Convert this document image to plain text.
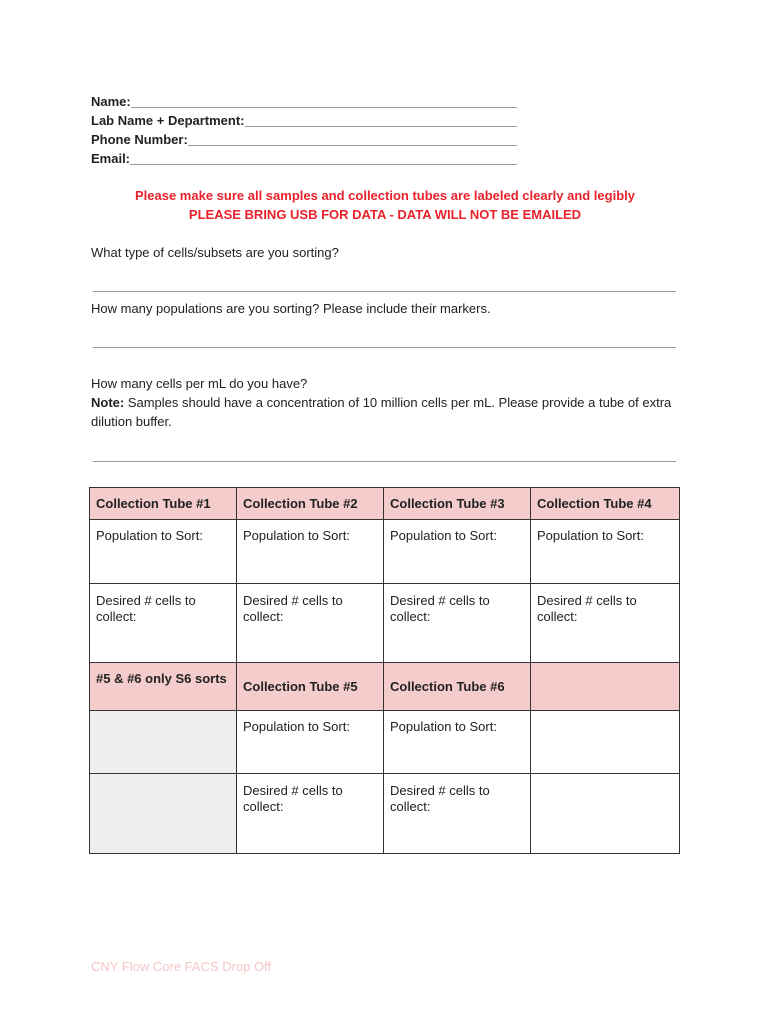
Name:
Lab Name + Department:
Phone Number:
Email:
Please make sure all samples and collection tubes are labeled clearly and legibly
PLEASE BRING USB FOR DATA - DATA WILL NOT BE EMAILED
What type of cells/subsets are you sorting?
How many populations are you sorting? Please include their markers.
How many cells per mL do you have?
Note: Samples should have a concentration of 10 million cells per mL. Please provide a tube of extra dilution buffer.
Collection Tube #1	Collection Tube #2	Collection Tube #3	Collection Tube #4
Population to Sort:	Population to Sort:	Population to Sort:	Population to Sort:
Desired # cells to collect:	Desired # cells to collect:	Desired # cells to collect:	Desired # cells to collect:
#5 & #6 only S6 sorts	Collection Tube #5	Collection Tube #6	
	Population to Sort:	Population to Sort:	
	Desired # cells to collect:	Desired # cells to collect:	
CNY Flow Core FACS Drop Off
